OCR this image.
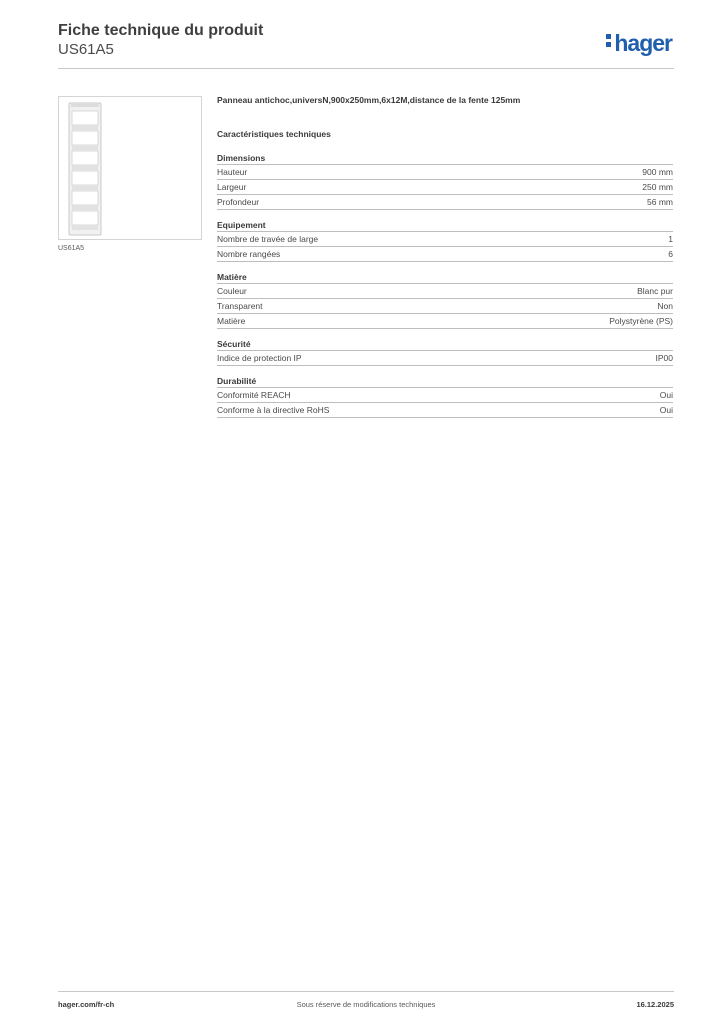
Fiche technique du produit
US61A5	hager
US61A5
Panneau antichoc,universN,900x250mm,6x12M,distance de la fente 125mm
Caractéristiques techniques
Dimensions
Hauteur	900 mm
Largeur	250 mm
Profondeur	56 mm
Equipement
Nombre de travée de large	1
Nombre rangées	6
Matière
Couleur	Blanc pur
Transparent	Non
Matière	Polystyrène (PS)
Sécurité
Indice de protection IP	IP00
Durabilité
Conformité REACH	Oui
Conforme à la directive RoHS	Oui
hager.com/fr-ch	Sous réserve de modifications techniques	16.12.2025
